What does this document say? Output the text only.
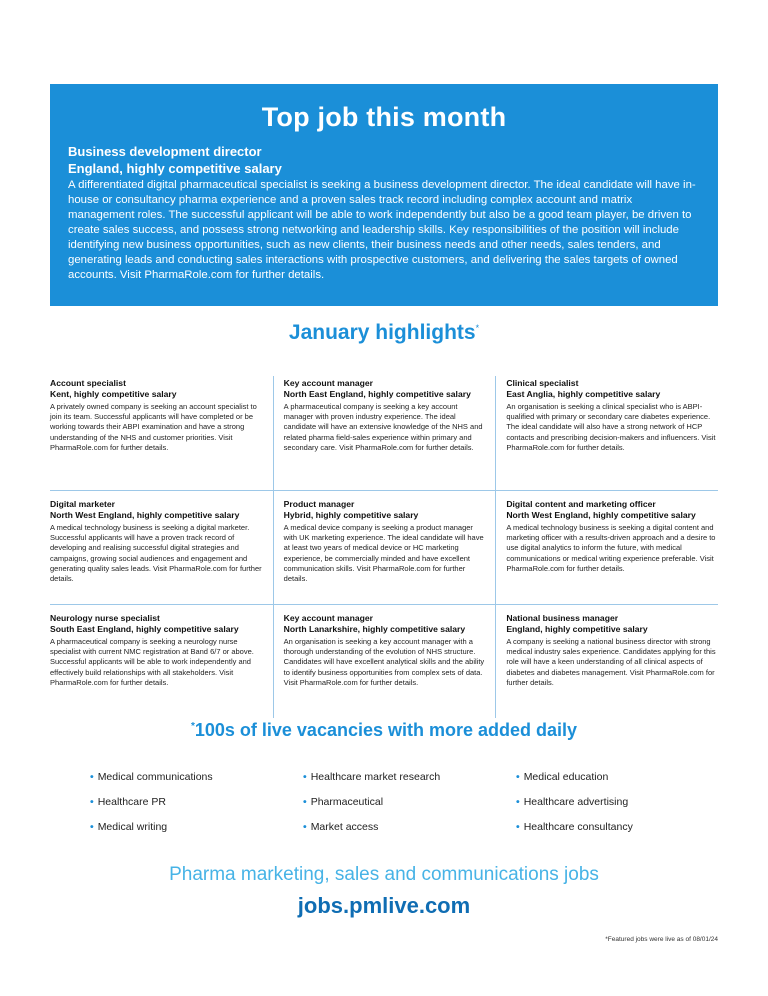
Top job this month
Business development director
England, highly competitive salary
A differentiated digital pharmaceutical specialist is seeking a business development director. The ideal candidate will have in-house or consultancy pharma experience and a proven sales track record including complex account and matrix management roles. The successful applicant will be able to work independently but also be a good team player, be driven to create sales success, and possess strong networking and leadership skills. Key responsibilities of the position will include identifying new business opportunities, such as new clients, their business needs and other needs, sales tenders, and generating leads and conducting sales interactions with prospective customers, and delivering the sales targets of owned accounts. Visit PharmaRole.com for further details.
January highlights*
Account specialist
Kent, highly competitive salary
A privately owned company is seeking an account specialist to join its team. Successful applicants will have completed or be working towards their ABPI examination and have a strong understanding of the NHS and customer priorities. Visit PharmaRole.com for further details.
Key account manager
North East England, highly competitive salary
A pharmaceutical company is seeking a key account manager with proven industry experience. The ideal candidate will have an extensive knowledge of the NHS and related pharma field-sales experience within primary and secondary care. Visit PharmaRole.com for further details.
Clinical specialist
East Anglia, highly competitive salary
An organisation is seeking a clinical specialist who is ABPI-qualified with primary or secondary care diabetes experience. The ideal candidate will also have a strong network of HCP contacts and prescribing decision-makers and influencers. Visit PharmaRole.com for further details.
Digital marketer
North West England, highly competitive salary
A medical technology business is seeking a digital marketer. Successful applicants will have a proven track record of developing and realising successful digital strategies and campaigns, growing social audiences and engagement and generating quality sales leads. Visit PharmaRole.com for further details.
Product manager
Hybrid, highly competitive salary
A medical device company is seeking a product manager with UK marketing experience. The ideal candidate will have at least two years of medical device or HC marketing experience, be commercially minded and have excellent communication skills. Visit PharmaRole.com for further details.
Digital content and marketing officer
North West England, highly competitive salary
A medical technology business is seeking a digital content and marketing officer with a results-driven approach and a desire to use digital analytics to inform the future, with medical communications or medical writing experience preferable. Visit PharmaRole.com for further details.
Neurology nurse specialist
South East England, highly competitive salary
A pharmaceutical company is seeking a neurology nurse specialist with current NMC registration at Band 6/7 or above. Successful applicants will be able to work independently and effectively build relationships with all stakeholders. Visit PharmaRole.com for further details.
Key account manager
North Lanarkshire, highly competitive salary
An organisation is seeking a key account manager with a thorough understanding of the evolution of NHS structure. Candidates will have excellent analytical skills and the ability to identify business opportunities from complex sets of data. Visit PharmaRole.com for further details.
National business manager
England, highly competitive salary
A company is seeking a national business director with strong medical industry sales experience. Candidates applying for this role will have a keen understanding of all clinical aspects of diabetes and diabetes management. Visit PharmaRole.com for further details.
*100s of live vacancies with more added daily
• Medical communications
• Healthcare PR
• Medical writing
• Healthcare market research
• Pharmaceutical
• Market access
• Medical education
• Healthcare advertising
• Healthcare consultancy
Pharma marketing, sales and communications jobs
jobs.pmlive.com
*Featured jobs were live as of 08/01/24
